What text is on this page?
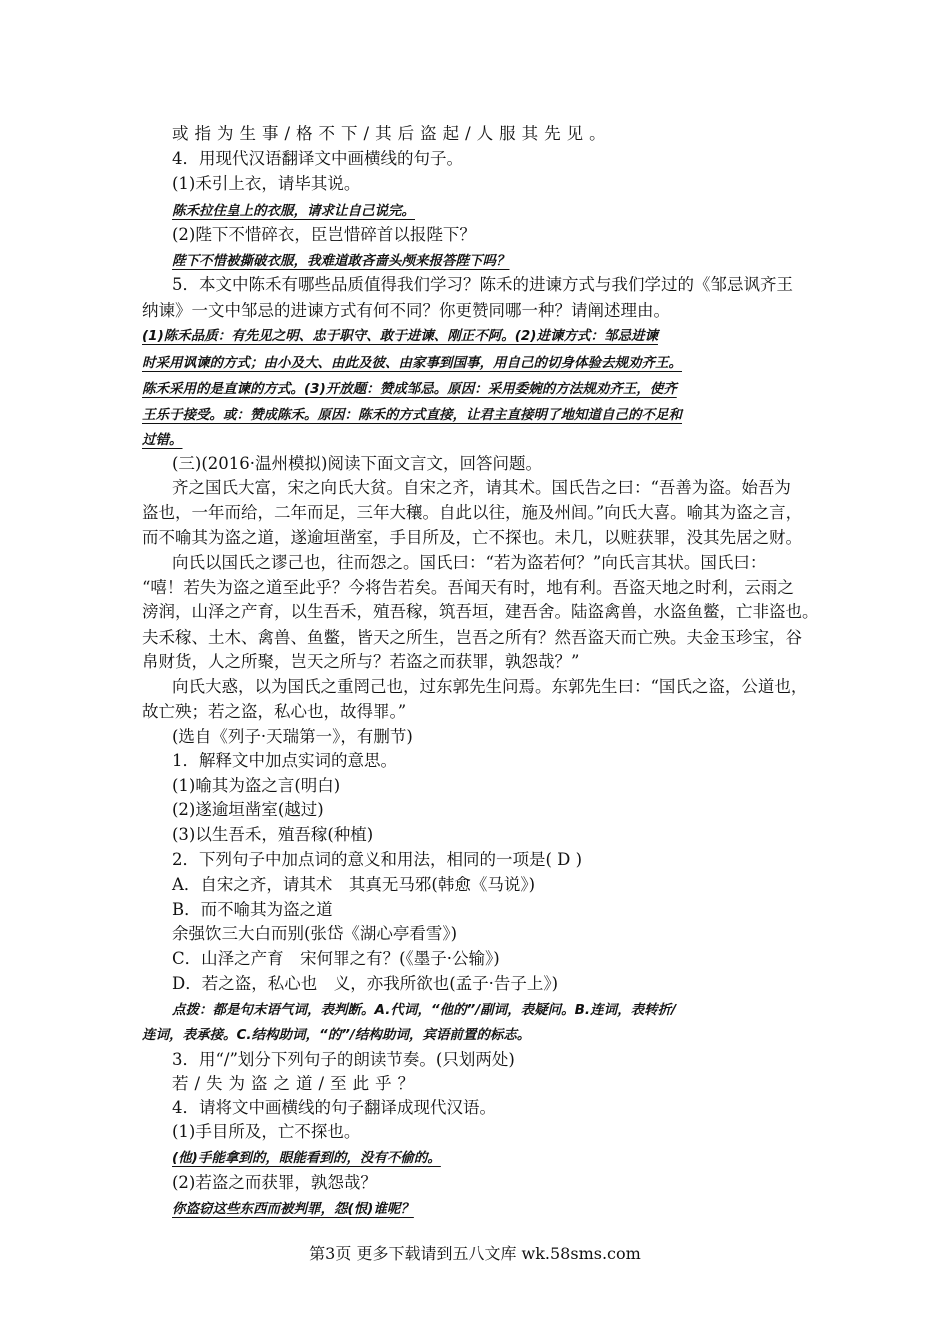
或指为生事/格不下/其后盗起/人服其先见。
4．用现代汉语翻译文中画横线的句子。
(1)禾引上衣，请毕其说。
陈禾拉住皇上的衣服，请求让自己说完。
(2)陛下不惜碎衣，臣岂惜碎首以报陛下？
陛下不惜被撕破衣服，我难道敢吝啬头颅来报答陛下吗？
5．本文中陈禾有哪些品质值得我们学习？陈禾的进谏方式与我们学过的《邹忌讽齐王
纳谏》一文中邹忌的进谏方式有何不同？你更赞同哪一种？请阐述理由。
(1)陈禾品质：有先见之明、忠于职守、敢于进谏、刚正不阿。(2)进谏方式：邹忌进谏
时采用讽谏的方式；由小及大、由此及彼、由家事到国事，用自己的切身体验去规劝齐王。
陈禾采用的是直谏的方式。(3)开放题：赞成邹忌。原因：采用委婉的方法规劝齐王，使齐
王乐于接受。或：赞成陈禾。原因：陈禾的方式直接，让君主直接明了地知道自己的不足和
过错。
(三)(2016·温州模拟)阅读下面文言文，回答问题。
齐之国氏大富，宋之向氏大贫。自宋之齐，请其术。国氏告之曰：“吾善为盗。始吾为
盗也，一年而给，二年而足，三年大穰。自此以往，施及州闾。”向氏大喜。喻其为盗之言，
而不喻其为盗之道，遂逾垣凿室，手目所及，亡不探也。未几，以赃获罪，没其先居之财。
向氏以国氏之谬己也，往而怨之。国氏曰：“若为盗若何？”向氏言其状。国氏曰：
“嘻！若失为盗之道至此乎？今将告若矣。吾闻天有时，地有利。吾盗天地之时利，云雨之
滂润，山泽之产育，以生吾禾，殖吾稼，筑吾垣，建吾舍。陆盗禽兽，水盗鱼鳖，亡非盗也。
夫禾稼、土木、禽兽、鱼鳖，皆天之所生，岂吾之所有？然吾盗天而亡殃。夫金玉珍宝，谷
帛财货，人之所聚，岂天之所与？若盗之而获罪，孰怨哉？”
向氏大惑，以为国氏之重罔己也，过东郭先生问焉。东郭先生曰：“国氏之盗，公道也，
故亡殃；若之盗，私心也，故得罪。”
(选自《列子·天瑞第一》，有删节)
1．解释文中加点实词的意思。
(1)喻其为盗之言(明白)
(2)遂逾垣凿室(越过)
(3)以生吾禾，殖吾稼(种植)
2．下列句子中加点词的意义和用法，相同的一项是( D )
A．自宋之齐，请其术　其真无马邪(韩愈《马说》)
B．而不喻其为盗之道
余强饮三大白而别(张岱《湖心亭看雪》)
C．山泽之产育　宋何罪之有？(《墨子·公输》)
D．若之盗，私心也　义，亦我所欲也(孟子·告子上》)
点拨：都是句末语气词，表判断。A.代词，“他的”/副词，表疑问。B.连词，表转折/
连词，表承接。C.结构助词，“的”/结构助词，宾语前置的标志。
3．用“/”划分下列句子的朗读节奏。(只划两处)
若/失为盗之道/至此乎？
4．请将文中画横线的句子翻译成现代汉语。
(1)手目所及，亡不探也。
(他)手能拿到的，眼能看到的，没有不偷的。
(2)若盗之而获罪，孰怨哉？
你盗窃这些东西而被判罪，怨(恨)谁呢？
第3页 更多下载请到五八文库 wk.58sms.com
